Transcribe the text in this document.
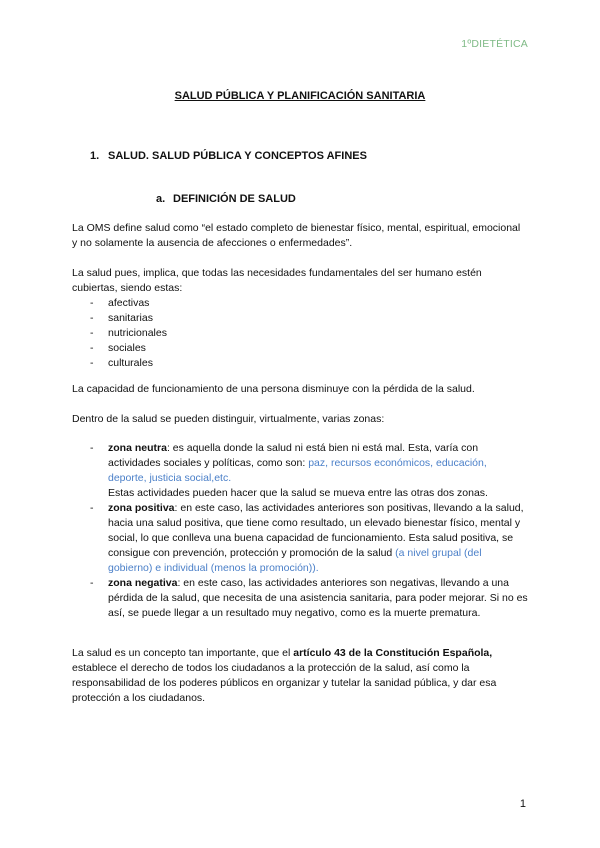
1ºDIETÉTICA
SALUD PÚBLICA Y PLANIFICACIÓN SANITARIA
1. SALUD. SALUD PÚBLICA Y CONCEPTOS AFINES
a. DEFINICIÓN DE SALUD

La OMS define salud como “el estado completo de bienestar físico, mental, espiritual, emocional y no solamente la ausencia de afecciones o enfermedades”.

La salud pues, implica, que todas las necesidades fundamentales del ser humano estén cubiertas, siendo estas:

- afectivas
- sanitarias
- nutricionales
- sociales
- culturales

La capacidad de funcionamiento de una persona disminuye con la pérdida de la salud.

Dentro de la salud se pueden distinguir, virtualmente, varias zonas:

- zona neutra: es aquella donde la salud ni está bien ni está mal. Esta, varía con actividades sociales y políticas, como son: paz, recursos económicos, educación, deporte, justicia social,etc.
Estas actividades pueden hacer que la salud se mueva entre las otras dos zonas.
- zona positiva: en este caso, las actividades anteriores son positivas, llevando a la salud, hacia una salud positiva, que tiene como resultado, un elevado bienestar físico, mental y social, lo que conlleva una buena capacidad de funcionamiento. Esta salud positiva, se consigue con prevención, protección y promoción de la salud (a nivel grupal (del gobierno) e individual (menos la promoción)).
- zona negativa: en este caso, las actividades anteriores son negativas, llevando a una pérdida de la salud, que necesita de una asistencia sanitaria, para poder mejorar. Si no es así, se puede llegar a un resultado muy negativo, como es la muerte prematura.

La salud es un concepto tan importante, que el artículo 43 de la Constitución Española, establece el derecho de todos los ciudadanos a la protección de la salud, así como la responsabilidad de los poderes públicos en organizar y tutelar la sanidad pública, y dar esa protección a los ciudadanos.

1
